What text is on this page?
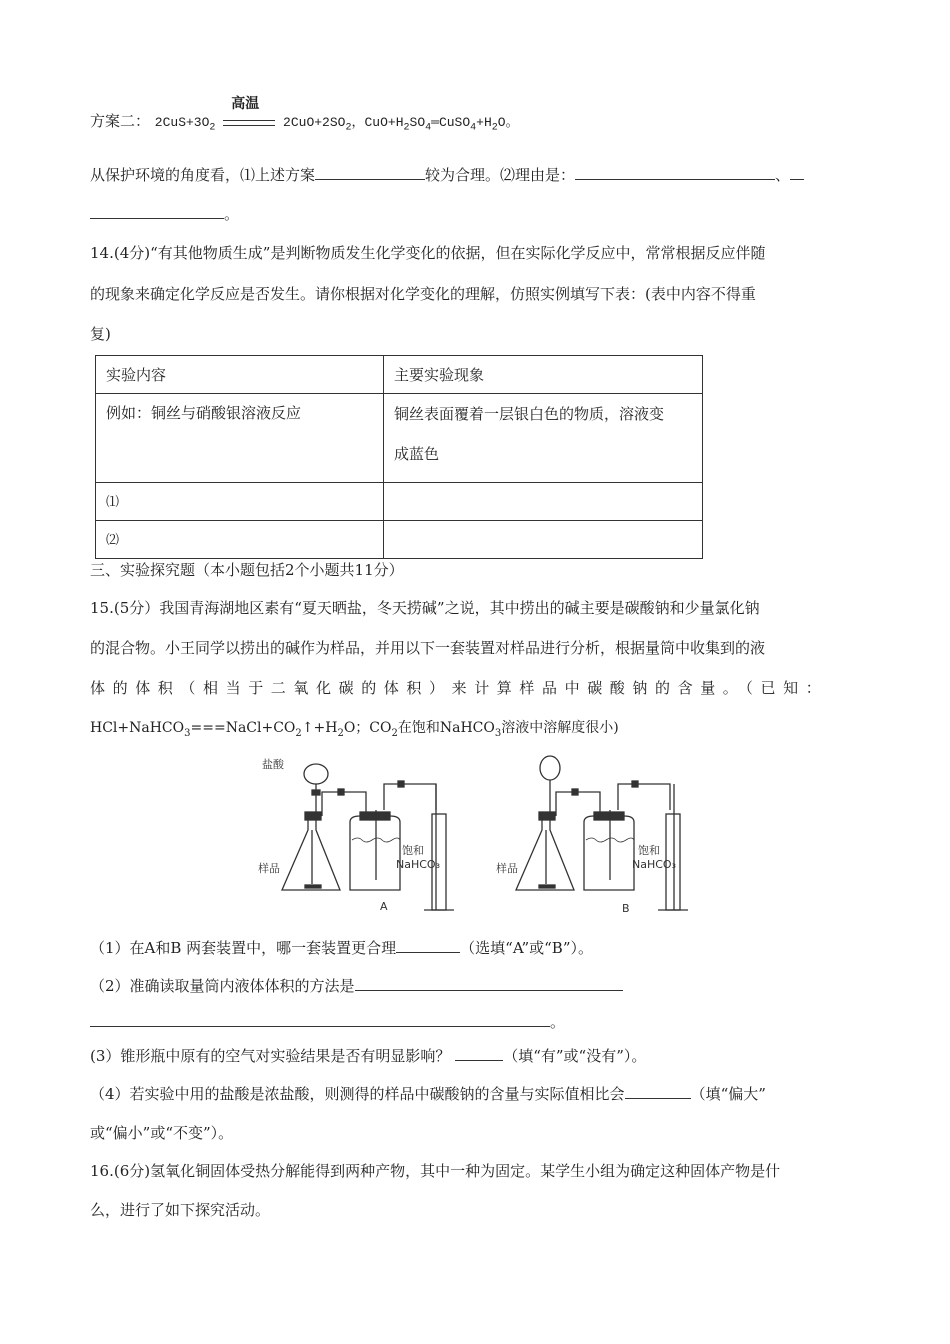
方案二： $2CuS+3O_2$
高温
$2CuO+2SO_2$，$CuO+H_2SO_4═CuSO_4+H_2O$。
从保护环境的角度看，⑴上述方案	较为合理。⑵理由是：	、
。
14.(4分)“有其他物质生成”是判断物质发生化学变化的依据，但在实际化学反应中，常常根据反应伴随
的现象来确定化学反应是否发生。请你根据对化学变化的理解，仿照实例填写下表：(表中内容不得重
复)
实验内容	主要实验现象
例如：铜丝与硝酸银溶液反应	铜丝表面覆着一层银白色的物质，溶液变
成蓝色

⑴	
⑵	
三、实验探究题（本小题包括2个小题共11分）
15.(5分）我国青海湖地区素有“夏天晒盐，冬天捞碱”之说，其中捞出的碱主要是碳酸钠和少量氯化钠
的混合物。小王同学以捞出的碱作为样品，并用以下一套装置对样品进行分析，根据量筒中收集到的液
体的体积（相当于二氧化碳的体积）来计算样品中碳酸钠的含量。（已知：
$HCl+NaHCO_3===NaCl+CO_2↑+H_2O$；$CO_2$在饱和NaHCO$_3$溶液中溶解度很小)
盐酸
样品
饱和
NaHCO₃
A
样品
饱和
NaHCO₃
B
（1）在A和B 两套装置中，哪一套装置更合理	（选填“A”或“B”）。
（2）准确读取量筒内液体体积的方法是
。
(3）锥形瓶中原有的空气对实验结果是否有明显影响？	（填“有”或“没有”）。
（4）若实验中用的盐酸是浓盐酸，则测得的样品中碳酸钠的含量与实际值相比会	（填“偏大”
或“偏小”或“不变”）。
16.(6分)氢氧化铜固体受热分解能得到两种产物，其中一种为固定。某学生小组为确定这种固体产物是什
么，进行了如下探究活动。
